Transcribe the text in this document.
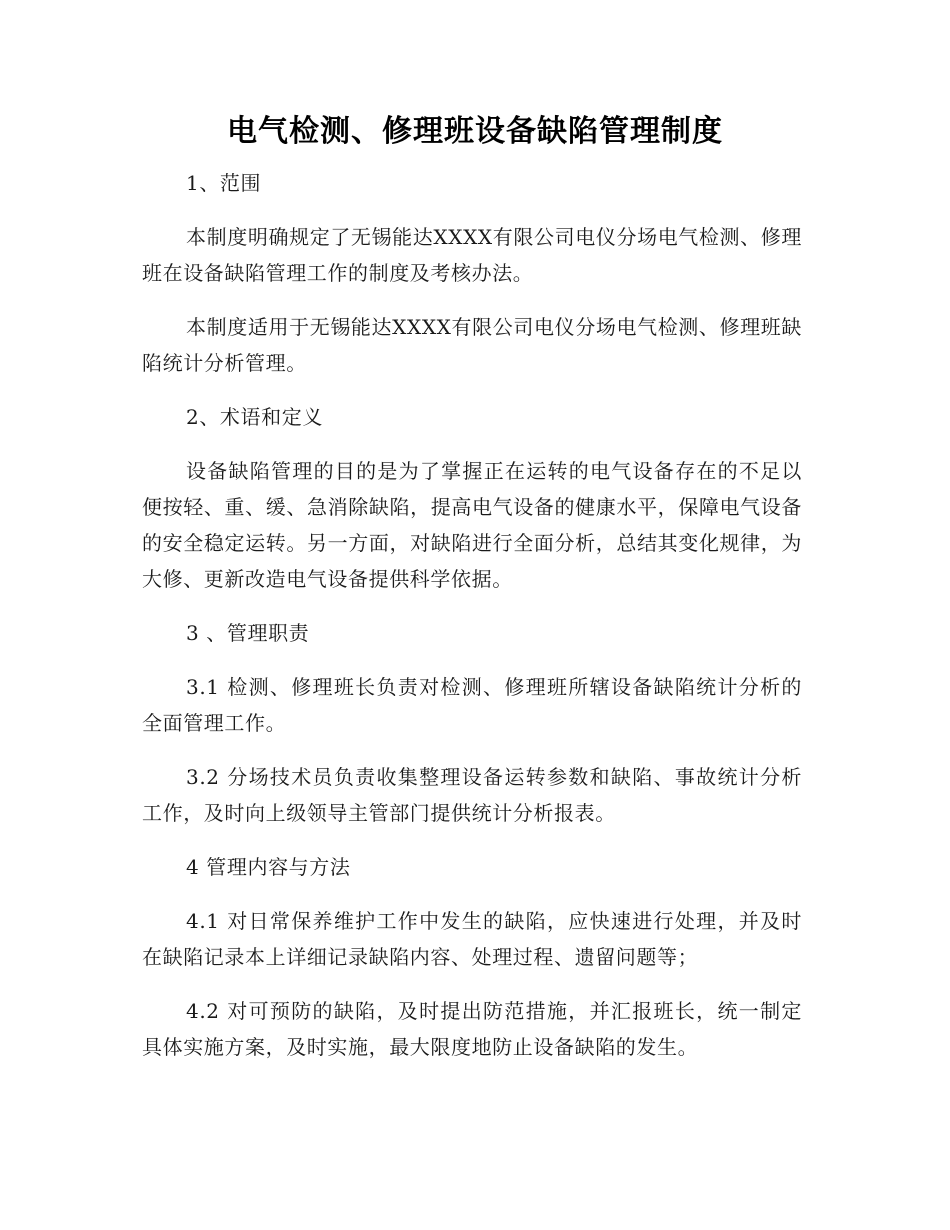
电气检测、修理班设备缺陷管理制度
1、范围

本制度明确规定了无锡能达XXXX有限公司电仪分场电气检测、修理班在设备缺陷管理工作的制度及考核办法。

本制度适用于无锡能达XXXX有限公司电仪分场电气检测、修理班缺陷统计分析管理。

2、术语和定义

设备缺陷管理的目的是为了掌握正在运转的电气设备存在的不足以便按轻、重、缓、急消除缺陷，提高电气设备的健康水平，保障电气设备的安全稳定运转。另一方面，对缺陷进行全面分析，总结其变化规律，为大修、更新改造电气设备提供科学依据。

3 、管理职责

3.1 检测、修理班长负责对检测、修理班所辖设备缺陷统计分析的全面管理工作。

3.2 分场技术员负责收集整理设备运转参数和缺陷、事故统计分析工作，及时向上级领导主管部门提供统计分析报表。

4 管理内容与方法

4.1 对日常保养维护工作中发生的缺陷，应快速进行处理，并及时在缺陷记录本上详细记录缺陷内容、处理过程、遗留问题等；

4.2 对可预防的缺陷，及时提出防范措施，并汇报班长，统一制定具体实施方案，及时实施，最大限度地防止设备缺陷的发生。
